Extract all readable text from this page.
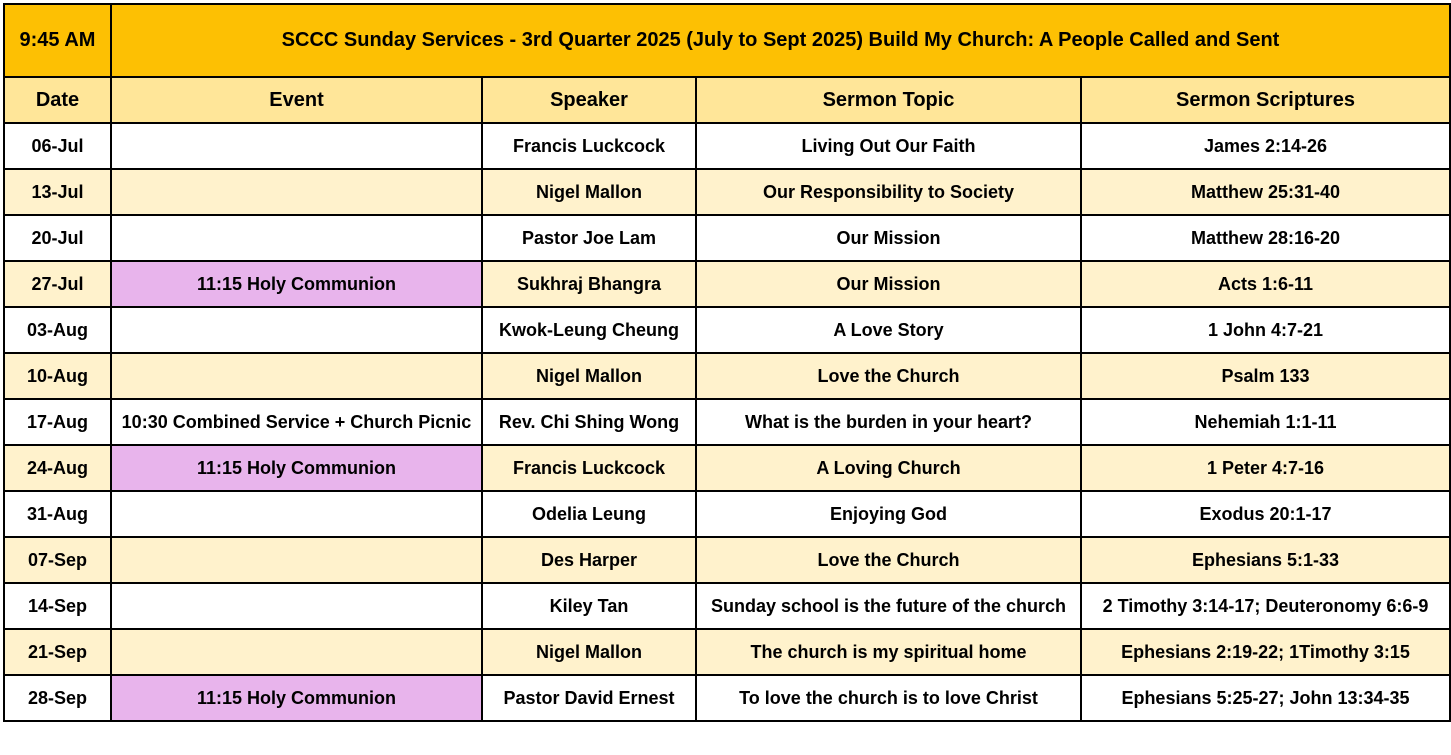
9:45 AM	SCCC Sunday Services - 3rd Quarter 2025 (July to Sept 2025) Build My Church: A People Called and Sent			
Date	Event	Speaker	Sermon Topic	Sermon Scriptures
06-Jul		Francis Luckcock	Living Out Our Faith	James 2:14-26
13-Jul		Nigel Mallon	Our Responsibility to Society	Matthew 25:31-40
20-Jul		Pastor Joe Lam	Our Mission	Matthew 28:16-20
27-Jul	11:15 Holy Communion	Sukhraj Bhangra	Our Mission	Acts 1:6-11
03-Aug		Kwok-Leung Cheung	A Love Story	1 John 4:7-21
10-Aug		Nigel Mallon	Love the Church	Psalm 133
17-Aug	10:30 Combined Service + Church Picnic	Rev. Chi Shing Wong	What is the burden in your heart?	Nehemiah 1:1-11
24-Aug	11:15 Holy Communion	Francis Luckcock	A Loving Church	1 Peter 4:7-16
31-Aug		Odelia Leung	Enjoying God	Exodus 20:1-17
07-Sep		Des Harper	Love the Church	Ephesians 5:1-33
14-Sep		Kiley Tan	Sunday school is the future of the church	2 Timothy 3:14-17; Deuteronomy 6:6-9
21-Sep		Nigel Mallon	The church is my spiritual home	Ephesians 2:19-22; 1Timothy 3:15
28-Sep	11:15 Holy Communion	Pastor David Ernest	To love the church is to love Christ	Ephesians 5:25-27; John 13:34-35
